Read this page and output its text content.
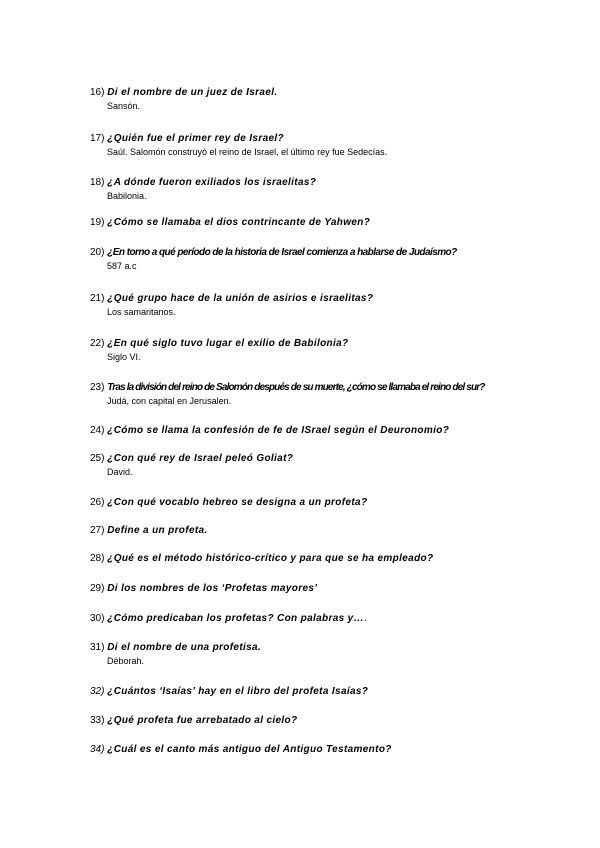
16) Di el nombre de un juez de Israel.
Sansón.
17) ¿Quién fue el primer rey de Israel?
Saúl. Salomón construyó el reino de Israel, el último rey fue Sedecías.
18) ¿A dónde fueron exiliados los israelitas?
Babilonia.
19) ¿Cómo se llamaba el dios contrincante de Yahwen?
20) ¿En torno a qué período de la historia de Israel comienza a hablarse de Judaísmo?
587 a.c
21) ¿Qué grupo hace de la unión de asirios e israelitas?
Los samaritanos.
22) ¿En qué siglo tuvo lugar el exilio de Babilonia?
Siglo VI.
23) Tras la división del reino de Salomón después de su muerte, ¿cómo se llamaba el reino del sur?
Judá, con capital en Jerusalen.
24) ¿Cómo se llama la confesión de fe de ISrael según el Deuronomio?
25) ¿Con qué rey de Israel peleó Goliat?
David.
26) ¿Con qué vocablo hebreo se designa a un profeta?
27) Define a un profeta.
28) ¿Qué es el método histórico-crítico y para que se ha empleado?
29) Di los nombres de los ‘Profetas mayores’
30) ¿Cómo predicaban los profetas? Con palabras y….
31) Di el nombre de una profetisa.
Déborah.
32) ¿Cuántos ‘Isaías’ hay en el libro del profeta Isaías?
33) ¿Qué profeta fue arrebatado al cielo?
34) ¿Cuál es el canto más antiguo del Antiguo Testamento?
